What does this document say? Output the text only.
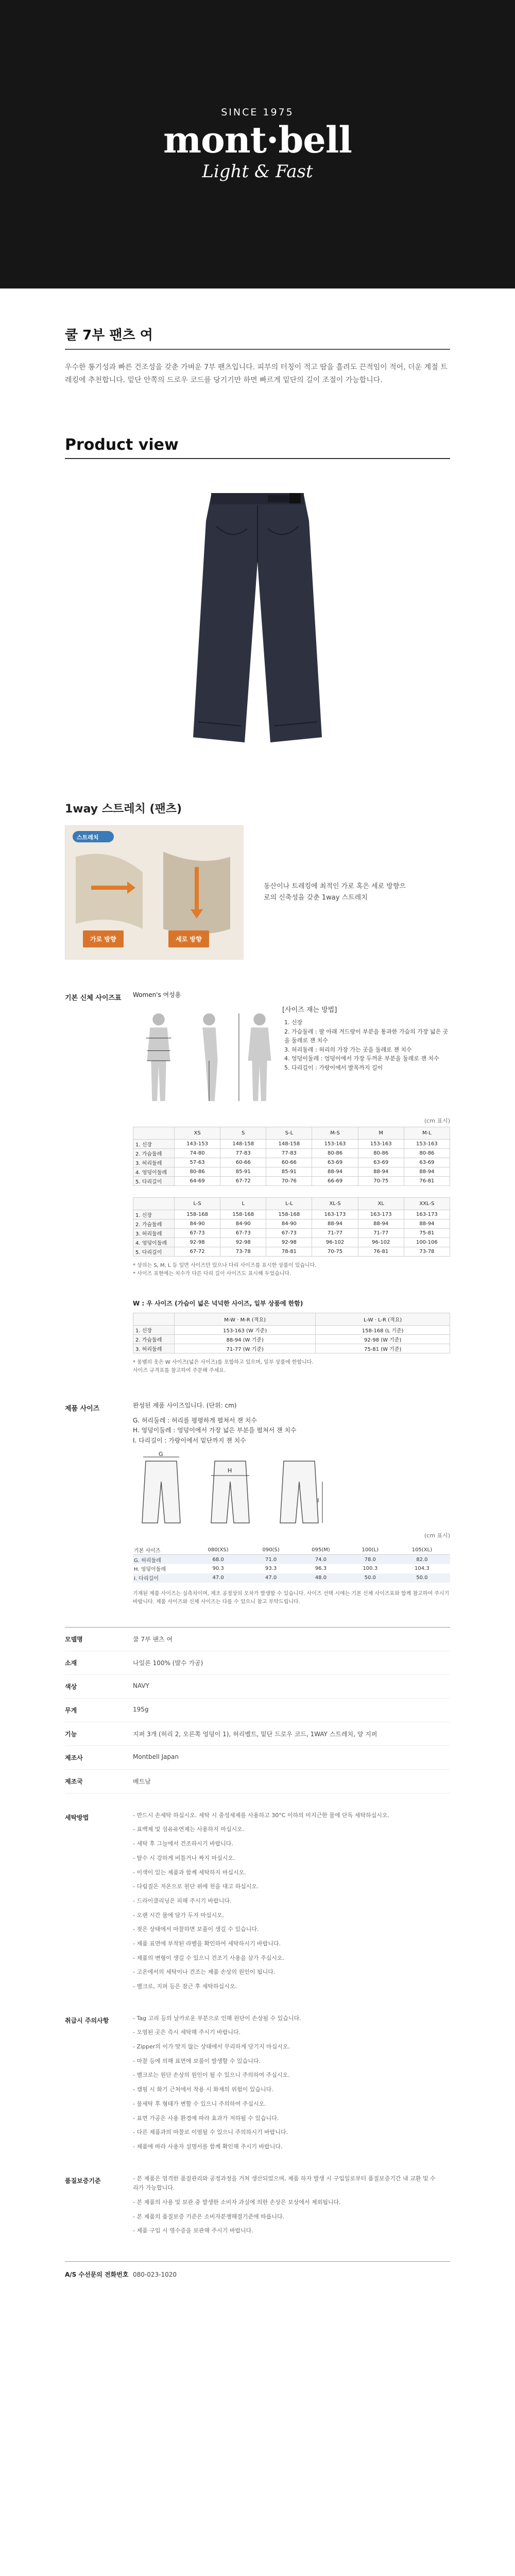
SINCE 1975
mont·bell
Light & Fast
쿨 7부 팬츠 여
우수한 통기성과 빠른 건조성을 갖춘 가벼운 7부 팬츠입니다. 피부의 터칭이 적고 땀을 흘려도 끈적임이 적어, 더운 계절 트레킹에 추천합니다. 밑단 안쪽의 드로우 코드를 당기기만 하면 빠르게 밑단의 길이 조절이 가능합니다.
Product view
1way 스트레치 (팬츠)
스트레치
가로 방향	세로 방향
동산이나 트레킹에 최적인 가로 혹은 세로 방향으로의 신축성을 갖춘 1way 스트레치
기본 신체 사이즈표	Women's 여성용
[사이즈 재는 방법]

1. 신장

2. 가슴둘레 : 팔 아래 겨드랑이 부분을 통과한 가슴의 가장 넓은 곳을 둘레로 잰 치수

3. 허리둘레 : 허리의 가장 가는 곳을 둘레로 잰 치수

4. 엉덩이둘레 : 엉덩이에서 가장 두꺼운 부분을 둘레로 잰 치수

5. 다리길이 : 가랑이에서 발목까지 길이

(cm 표시)
	XS	S	S-L	M-S	M	M-L
1. 신장	143-153	148-158	148-158	153-163	153-163	153-163
2. 가슴둘레	74-80	77-83	77-83	80-86	80-86	80-86
3. 허리둘레	57-63	60-66	60-66	63-69	63-69	63-69
4. 엉덩이둘레	80-86	85-91	85-91	88-94	88-94	88-94
5. 다리길이	64-69	67-72	70-76	66-69	70-75	76-81
	L-S	L	L-L	XL-S	XL	XXL-S
1. 신장	158-168	158-168	158-168	163-173	163-173	163-173
2. 가슴둘레	84-90	84-90	84-90	88-94	88-94	88-94
3. 허리둘레	67-73	67-73	67-73	71-77	71-77	75-81
4. 엉덩이둘레	92-98	92-98	92-98	96-102	96-102	100-106
5. 다리길이	67-72	73-78	78-81	70-75	76-81	73-78
* 상의는 S, M, L 등 일반 사이즈만 있으나 다리 사이즈를 표시한 상품이 있습니다.
* 사이즈 표현에는 치수가 다른 다리 길이 사이즈도 표시해 두었습니다.
W : 우 사이즈 (가슴이 넓은 넉넉한 사이즈, 일부 상품에 한함)
	M-W · M-R (적요)	L-W · L-R (적요)
1. 신장	153-163 (W 기준)	158-168 (L 기준)
2. 가슴둘레	88-94 (W 기준)	92-98 (W 기준)
3. 허리둘레	71-77 (W 기준)	75-81 (W 기준)
* 몽벨의 옷은 W 사이즈(넓은 사이즈)를 포함하고 있으며, 일부 상품에 한합니다.
사이즈 규격표를 참고하여 주문해 주세요.
제품 사이즈	완성된 제품 사이즈입니다. (단위: cm)
G. 허리둘레 : 허리를 평평하게 펼쳐서 잰 치수
H. 엉덩이둘레 : 엉덩이에서 가장 넓은 부분을 펼쳐서 잰 치수
I. 다리길이 : 가랑이에서 밑단까지 잰 치수
G
H
I
(cm 표시)
기본 사이즈	080(XS)	090(S)	095(M)	100(L)	105(XL)
G. 허리둘레	68.0	71.0	74.0	78.0	82.0
H. 엉덩이둘레	90.3	93.3	96.3	100.3	104.3
I. 다리길이	47.0	47.0	48.0	50.0	50.0
기재된 제품 사이즈는 실측치이며, 제조 공정상의 오차가 발생할 수 있습니다. 사이즈 선택 시에는 기본 신체 사이즈표와 함께 참고하여 주시기 바랍니다. 제품 사이즈와 신체 사이즈는 다를 수 있으니 참고 부탁드립니다.
모델명	쿨 7부 팬츠 여
소재	나일론 100% (발수 가공)
색상	NAVY
무게	195g
기능	지퍼 3개 (허리 2, 오른쪽 엉덩이 1), 허리벨트, 밑단 드로우 코드, 1WAY 스트레치, 양 지퍼
제조사	Montbell Japan
제조국	베트남
세탁방법	- 반드시 손세탁 하십시오. 세탁 시 중성세제를 사용하고 30°C 이하의 미지근한 물에 단독 세탁하십시오.
- 표백제 및 섬유유연제는 사용하지 마십시오.
- 세탁 후 그늘에서 건조하시기 바랍니다.
- 탈수 시 강하게 비틀거나 짜지 마십시오.
- 이색이 있는 제품과 함께 세탁하지 마십시오.
- 다림질은 저온으로 원단 위에 천을 대고 하십시오.
- 드라이클리닝은 피해 주시기 바랍니다.
- 오랜 시간 물에 담가 두지 마십시오.
- 젖은 상태에서 마찰하면 보풀이 생길 수 있습니다.
- 제품 표면에 부착된 라벨을 확인하여 세탁하시기 바랍니다.
- 제품의 변형이 생길 수 있으니 건조기 사용을 삼가 주십시오.
- 고온에서의 세탁이나 건조는 제품 손상의 원인이 됩니다.
- 벨크로, 지퍼 등은 잠근 후 세탁하십시오.
취급시 주의사항	- Tag 고리 등의 날카로운 부분으로 인해 원단이 손상될 수 있습니다.
- 오염된 곳은 즉시 세탁해 주시기 바랍니다.
- Zipper의 이가 맞지 않는 상태에서 무리하게 당기지 마십시오.
- 마찰 등에 의해 표면에 보풀이 발생할 수 있습니다.
- 벨크로는 원단 손상의 원인이 될 수 있으니 주의하여 주십시오.
- 캠핑 시 화기 근처에서 착용 시 화재의 위험이 있습니다.
- 물세탁 후 형태가 변할 수 있으니 주의하여 주십시오.
- 표면 가공은 사용 환경에 따라 효과가 저하될 수 있습니다.
- 다른 제품과의 마찰로 이염될 수 있으니 주의하시기 바랍니다.
- 제품에 따라 사용자 설명서를 함께 확인해 주시기 바랍니다.
품질보증기준	- 본 제품은 엄격한 품질관리와 공정과정을 거쳐 생산되었으며, 제품 하자 발생 시 구입일로부터 품질보증기간 내 교환 및 수리가 가능합니다.
- 본 제품의 사용 및 보관 중 발생한 소비자 과실에 의한 손상은 보상에서 제외됩니다.
- 본 제품의 품질보증 기준은 소비자분쟁해결기준에 따릅니다.
- 제품 구입 시 영수증을 보관해 주시기 바랍니다.
A/S 수선문의 전화번호 080-023-1020
